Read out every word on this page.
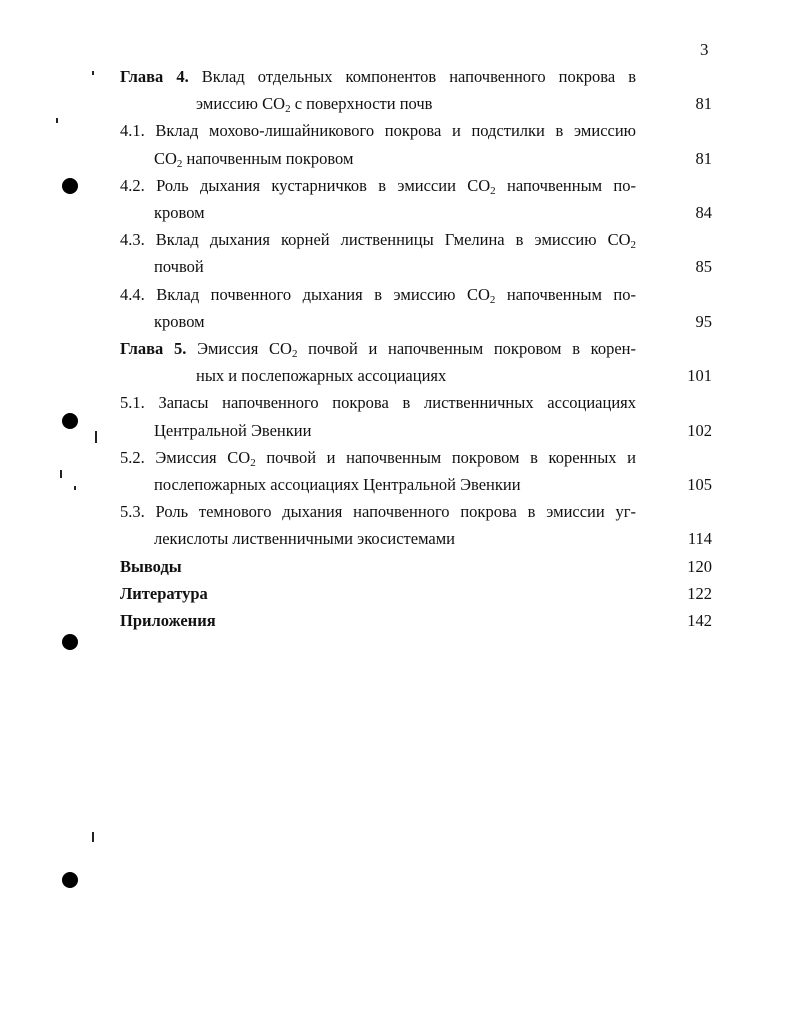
3
Глава 4. Вклад отдельных компонентов напочвенного покрова в
эмиссию $CO_2$ с поверхности почв	81
4.1. Вклад мохово-лишайникового покрова и подстилки в эмиссию
$CO_2$ напочвенным покровом	81
4.2. Роль дыхания кустарничков в эмиссии $CO_2$ напочвенным по-
кровом	84
4.3. Вклад дыхания корней лиственницы Гмелина в эмиссию $CO_2$
почвой	85
4.4. Вклад почвенного дыхания в эмиссию $CO_2$ напочвенным по-
кровом	95
Глава 5. Эмиссия $CO_2$ почвой и напочвенным покровом в корен-
ных и послепожарных ассоциациях	101
5.1. Запасы напочвенного покрова в лиственничных ассоциациях
Центральной Эвенкии	102
5.2. Эмиссия $CO_2$ почвой и напочвенным покровом в коренных и
послепожарных ассоциациях Центральной Эвенкии	105
5.3. Роль темнового дыхания напочвенного покрова в эмиссии уг-
лекислоты лиственничными экосистемами	114
Выводы	120
Литература	122
Приложения	142
